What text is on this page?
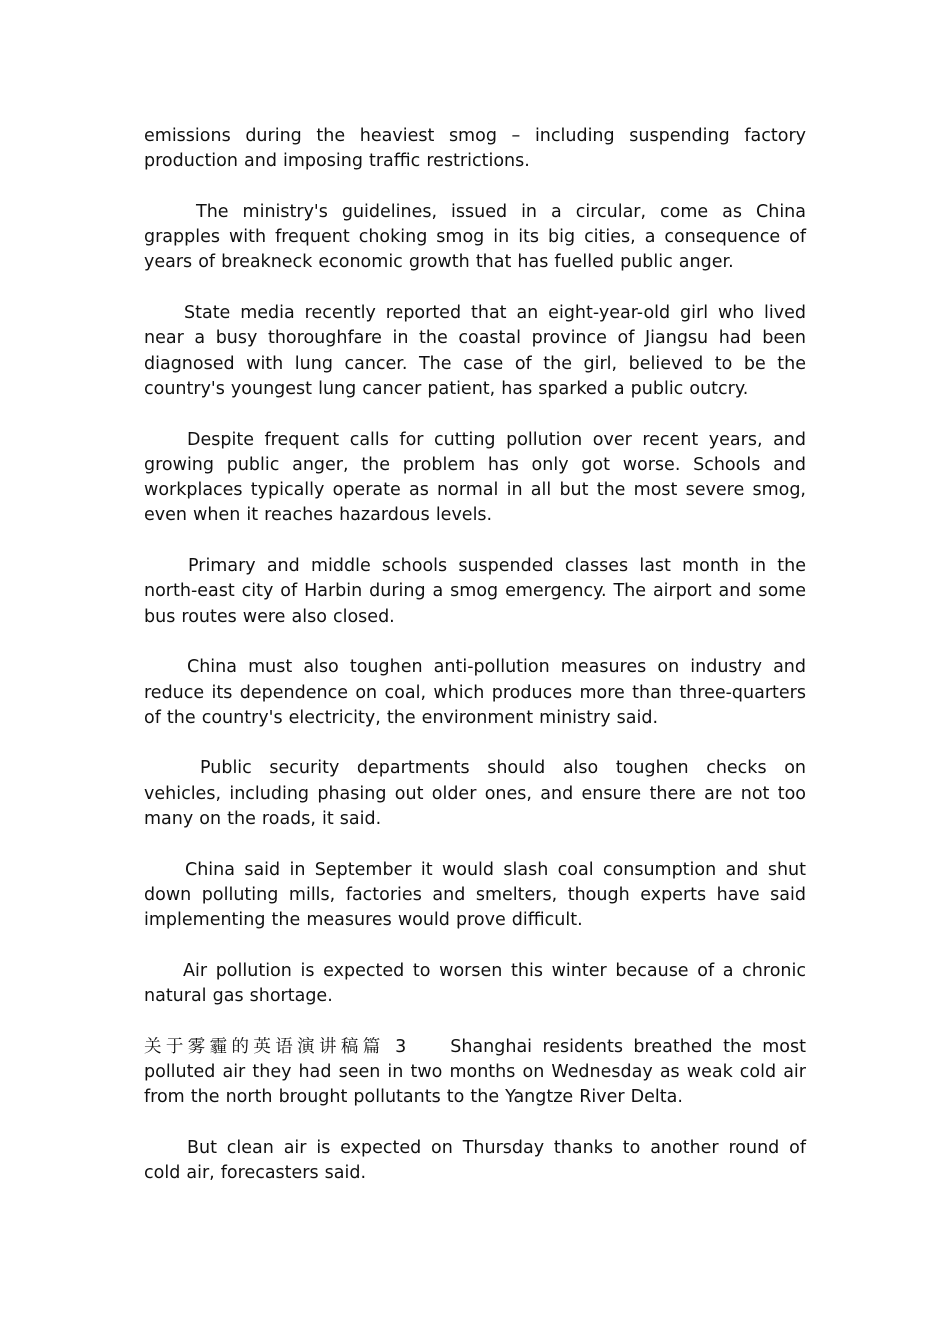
emissions during the heaviest smog – including suspending factory production and imposing traffic restrictions.

The ministry's guidelines, issued in a circular, come as China grapples with frequent choking smog in its big cities, a consequence of years of breakneck economic growth that has fuelled public anger.

State media recently reported that an eight-year-old girl who lived near a busy thoroughfare in the coastal province of Jiangsu had been diagnosed with lung cancer. The case of the girl, believed to be the country's youngest lung cancer patient, has sparked a public outcry.

Despite frequent calls for cutting pollution over recent years, and growing public anger, the problem has only got worse. Schools and workplaces typically operate as normal in all but the most severe smog, even when it reaches hazardous levels.

Primary and middle schools suspended classes last month in the north-east city of Harbin during a smog emergency. The airport and some bus routes were also closed.

China must also toughen anti-pollution measures on industry and reduce its dependence on coal, which produces more than three-quarters of the country's electricity, the environment ministry said.

Public security departments should also toughen checks on vehicles, including phasing out older ones, and ensure there are not too many on the roads, it said.

China said in September it would slash coal consumption and shut down polluting mills, factories and smelters, though experts have said implementing the measures would prove difficult.

Air pollution is expected to worsen this winter because of a chronic natural gas shortage.

关于雾霾的英语演讲稿篇 3	Shanghai residents breathed the most polluted air they had seen in two months on Wednesday as weak cold air from the north brought pollutants to the Yangtze River Delta.

But clean air is expected on Thursday thanks to another round of cold air, forecasters said.
